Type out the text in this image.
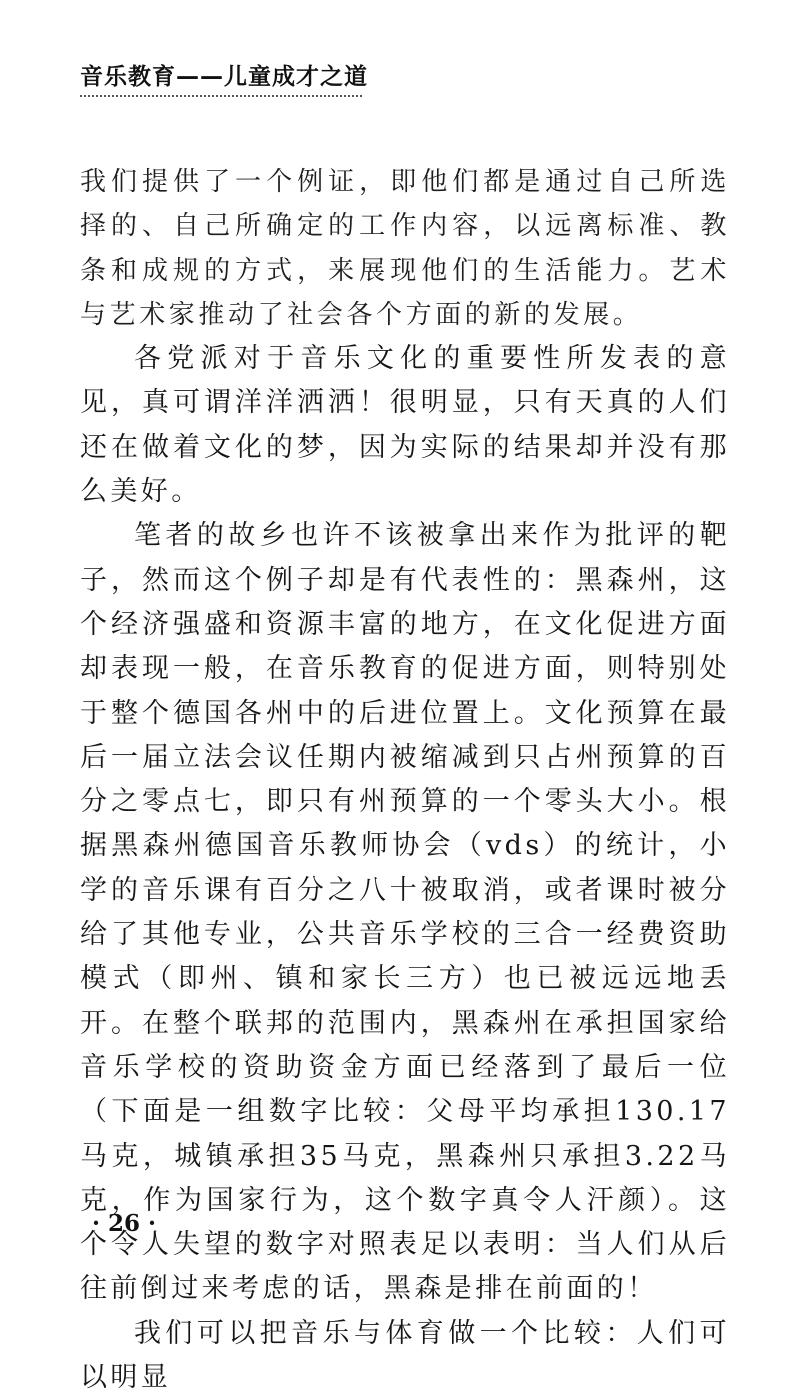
音乐教育——儿童成才之道

我们提供了一个例证，即他们都是通过自己所选择的、自己所确定的工作内容，以远离标准、教条和成规的方式，来展现他们的生活能力。艺术与艺术家推动了社会各个方面的新的发展。

各党派对于音乐文化的重要性所发表的意见，真可谓洋洋洒洒！很明显，只有天真的人们还在做着文化的梦，因为实际的结果却并没有那么美好。

笔者的故乡也许不该被拿出来作为批评的靶子，然而这个例子却是有代表性的：黑森州，这个经济强盛和资源丰富的地方，在文化促进方面却表现一般，在音乐教育的促进方面，则特别处于整个德国各州中的后进位置上。文化预算在最后一届立法会议任期内被缩减到只占州预算的百分之零点七，即只有州预算的一个零头大小。根据黑森州德国音乐教师协会（vds）的统计，小学的音乐课有百分之八十被取消，或者课时被分给了其他专业，公共音乐学校的三合一经费资助模式（即州、镇和家长三方）也已被远远地丢开。在整个联邦的范围内，黑森州在承担国家给音乐学校的资助资金方面已经落到了最后一位（下面是一组数字比较：父母平均承担130.17马克，城镇承担35马克，黑森州只承担3.22马克，作为国家行为，这个数字真令人汗颜）。这个令人失望的数字对照表足以表明：当人们从后往前倒过来考虑的话，黑森是排在前面的！

我们可以把音乐与体育做一个比较：人们可以明显

· 26 ·
